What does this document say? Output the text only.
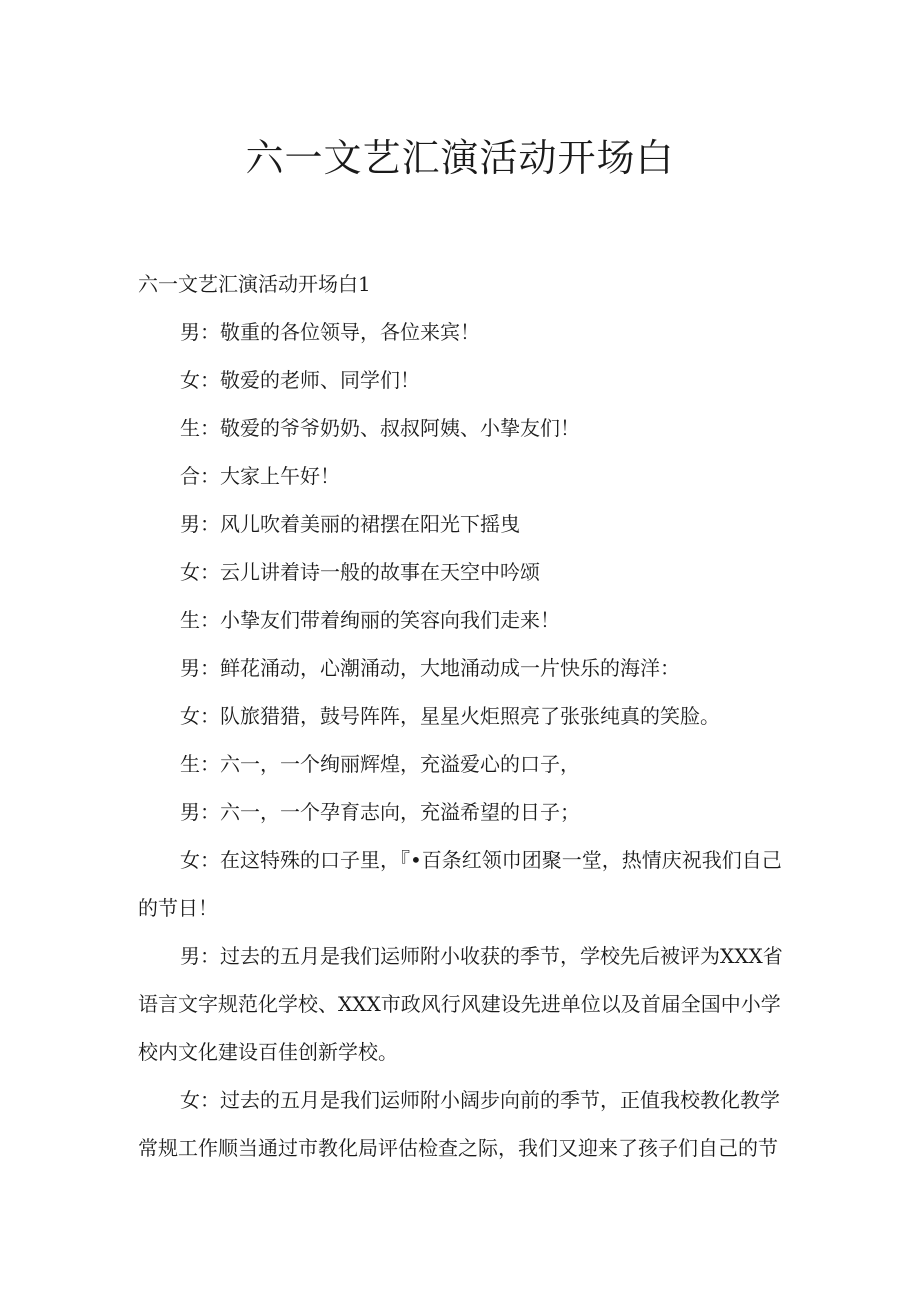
六一文艺汇演活动开场白

六一文艺汇演活动开场白1

男：敬重的各位领导，各位来宾！

女：敬爱的老师、同学们！

生：敬爱的爷爷奶奶、叔叔阿姨、小挚友们！

合：大家上午好！

男：风儿吹着美丽的裙摆在阳光下摇曳

女：云儿讲着诗一般的故事在天空中吟颂

生：小挚友们带着绚丽的笑容向我们走来！

男：鲜花涌动，心潮涌动，大地涌动成一片快乐的海洋：

女：队旅猎猎，鼓号阵阵，星星火炬照亮了张张纯真的笑脸。

生：六一，一个绚丽辉煌，充溢爱心的口子，

男：六一，一个孕育志向，充溢希望的日子；

女：在这特殊的口子里，『•百条红领巾团聚一堂，热情庆祝我们自己的节日！

男：过去的五月是我们运师附小收获的季节，学校先后被评为XXX省语言文字规范化学校、XXX市政风行风建设先进单位以及首届全国中小学校内文化建设百佳创新学校。

女：过去的五月是我们运师附小阔步向前的季节，正值我校教化教学常规工作顺当通过市教化局评估检查之际，我们又迎来了孩子们自己的节
